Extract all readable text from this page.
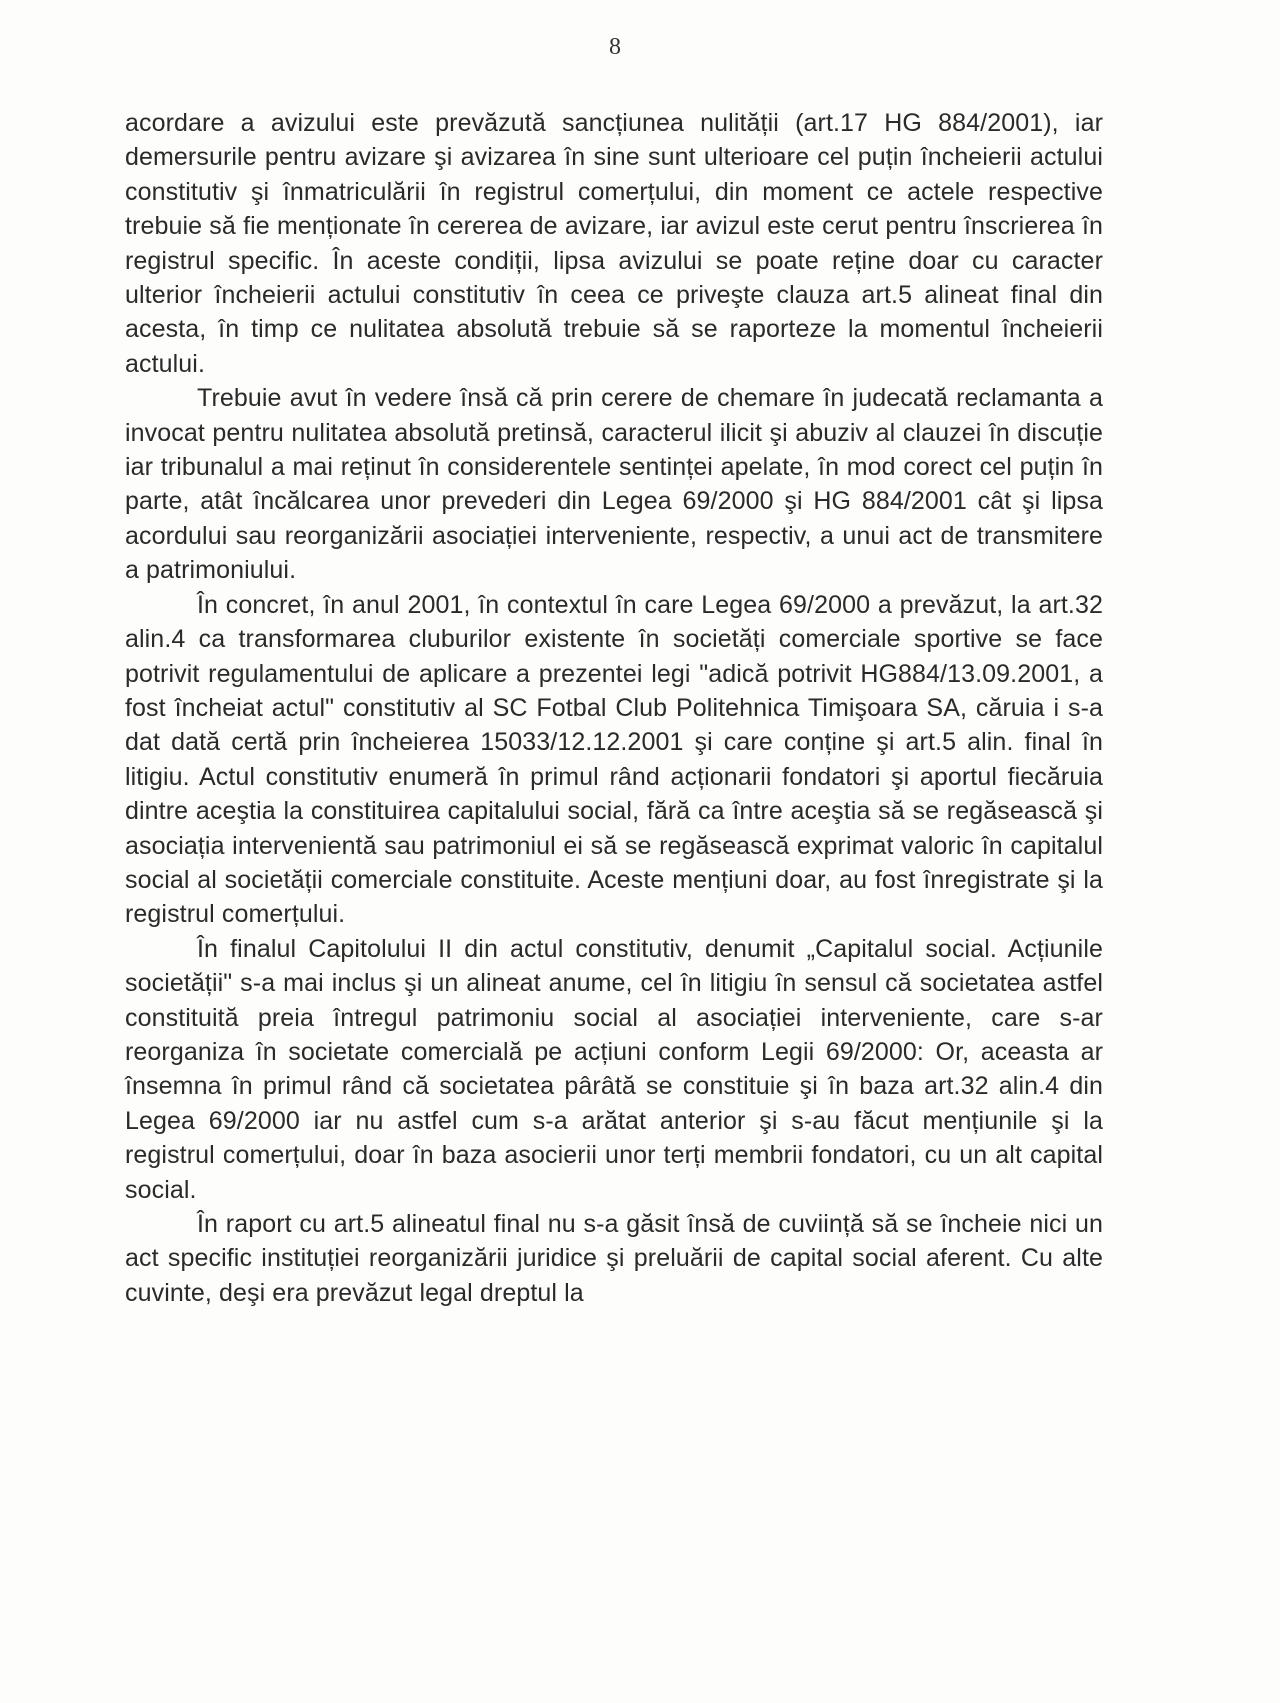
8

acordare a avizului este prevăzută sancțiunea nulității (art.17 HG 884/2001), iar demersurile pentru avizare şi avizarea în sine sunt ulterioare cel puțin încheierii actului constitutiv şi înmatriculării în registrul comerțului, din moment ce actele respective trebuie să fie menționate în cererea de avizare, iar avizul este cerut pentru înscrierea în registrul specific. În aceste condiții, lipsa avizului se poate reține doar cu caracter ulterior încheierii actului constitutiv în ceea ce priveşte clauza art.5 alineat final din acesta, în timp ce nulitatea absolută trebuie să se raporteze la momentul încheierii actului.

Trebuie avut în vedere însă că prin cerere de chemare în judecată reclamanta a invocat pentru nulitatea absolută pretinsă, caracterul ilicit şi abuziv al clauzei în discuție iar tribunalul a mai reținut în considerentele sentinței apelate, în mod corect cel puțin în parte, atât încălcarea unor prevederi din Legea 69/2000 şi HG 884/2001 cât şi lipsa acordului sau reorganizării asociației interveniente, respectiv, a unui act de transmitere a patrimoniului.

În concret, în anul 2001, în contextul în care Legea 69/2000 a prevăzut, la art.32 alin.4 ca transformarea cluburilor existente în societăți comerciale sportive se face potrivit regulamentului de aplicare a prezentei legi "adică potrivit HG884/13.09.2001, a fost încheiat actul" constitutiv al SC Fotbal Club Politehnica Timişoara SA, căruia i s-a dat dată certă prin încheierea 15033/12.12.2001 şi care conține şi art.5 alin. final în litigiu. Actul constitutiv enumeră în primul rând acționarii fondatori şi aportul fiecăruia dintre aceştia la constituirea capitalului social, fără ca între aceştia să se regăsească şi asociația intervenientă sau patrimoniul ei să se regăsească exprimat valoric în capitalul social al societății comerciale constituite. Aceste mențiuni doar, au fost înregistrate şi la registrul comerțului.

În finalul Capitolului II din actul constitutiv, denumit „Capitalul social. Acțiunile societății" s-a mai inclus şi un alineat anume, cel în litigiu în sensul că societatea astfel constituită preia întregul patrimoniu social al asociației interveniente, care s-ar reorganiza în societate comercială pe acțiuni conform Legii 69/2000: Or, aceasta ar însemna în primul rând că societatea pârâtă se constituie şi în baza art.32 alin.4 din Legea 69/2000 iar nu astfel cum s-a arătat anterior şi s-au făcut mențiunile şi la registrul comerțului, doar în baza asocierii unor terți membrii fondatori, cu un alt capital social.

În raport cu art.5 alineatul final nu s-a găsit însă de cuviință să se încheie nici un act specific instituției reorganizării juridice şi preluării de capital social aferent. Cu alte cuvinte, deşi era prevăzut legal dreptul la
